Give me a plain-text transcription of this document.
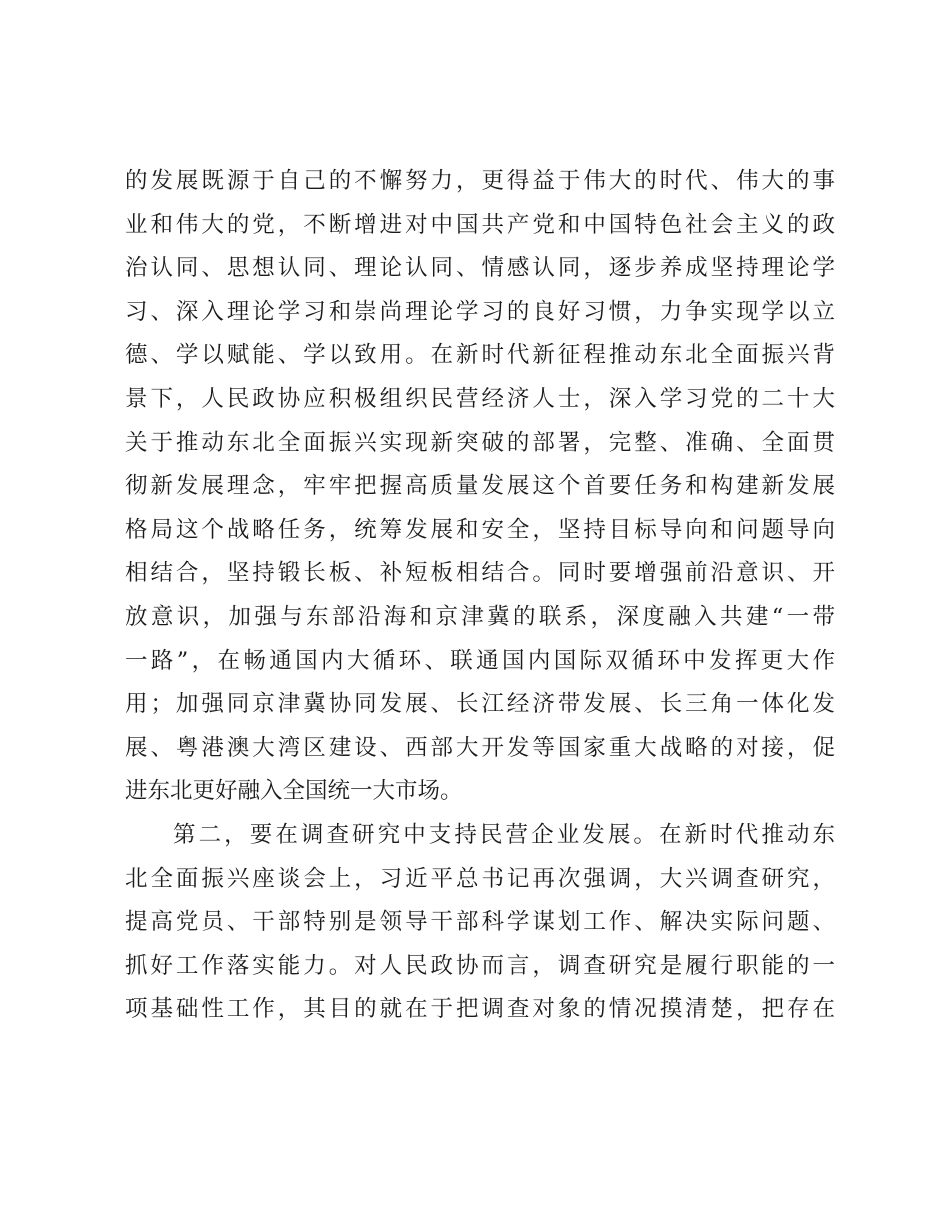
的发展既源于自己的不懈努力，更得益于伟大的时代、伟大的事
业和伟大的党，不断增进对中国共产党和中国特色社会主义的政
治认同、思想认同、理论认同、情感认同，逐步养成坚持理论学
习、深入理论学习和崇尚理论学习的良好习惯，力争实现学以立
德、学以赋能、学以致用。在新时代新征程推动东北全面振兴背
景下，人民政协应积极组织民营经济人士，深入学习党的二十大
关于推动东北全面振兴实现新突破的部署，完整、准确、全面贯
彻新发展理念，牢牢把握高质量发展这个首要任务和构建新发展
格局这个战略任务，统筹发展和安全，坚持目标导向和问题导向
相结合，坚持锻长板、补短板相结合。同时要增强前沿意识、开
放意识，加强与东部沿海和京津冀的联系，深度融入共建“一带
一路”，在畅通国内大循环、联通国内国际双循环中发挥更大作
用；加强同京津冀协同发展、长江经济带发展、长三角一体化发
展、粤港澳大湾区建设、西部大开发等国家重大战略的对接，促
进东北更好融入全国统一大市场。
第二，要在调查研究中支持民营企业发展。在新时代推动东
北全面振兴座谈会上，习近平总书记再次强调，大兴调查研究，
提高党员、干部特别是领导干部科学谋划工作、解决实际问题、
抓好工作落实能力。对人民政协而言，调查研究是履行职能的一
项基础性工作，其目的就在于把调查对象的情况摸清楚，把存在
